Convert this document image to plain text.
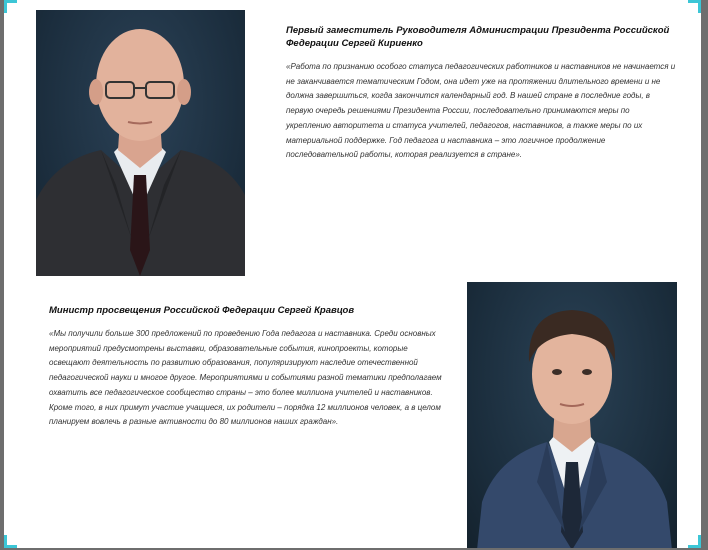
Первый заместитель Руководителя Администрации Президента Российской Федерации Сергей Кириенко

«Работа по признанию особого статуса педагогических работников и наставников не начинается и не заканчивается тематическим Годом, она идет уже на протяжении длительного времени и не должна завершиться, когда закончится календарный год. В нашей стране в последние годы, в первую очередь решениями Президента России, последовательно принимаются меры по укреплению авторитета и статуса учителей, педагогов, наставников, а также меры по их материальной поддержке. Год педагога и наставника – это логичное продолжение последовательной работы, которая реализуется в стране».

Министр просвещения Российской Федерации Сергей Кравцов

«Мы получили больше 300 предложений по проведению Года педагога и наставника. Среди основных мероприятий предусмотрены выставки, образовательные события, кинопроекты, которые освещают деятельность по развитию образования, популяризируют наследие отечественной педагогической науки и многое другое. Мероприятиями и событиями разной тематики предполагаем охватить все педагогическое сообщество страны – это более миллиона учителей и наставников. Кроме того, в них примут участие учащиеся, их родители – порядка 12 миллионов человек, а в целом планируем вовлечь в разные активности до 80 миллионов наших граждан».
